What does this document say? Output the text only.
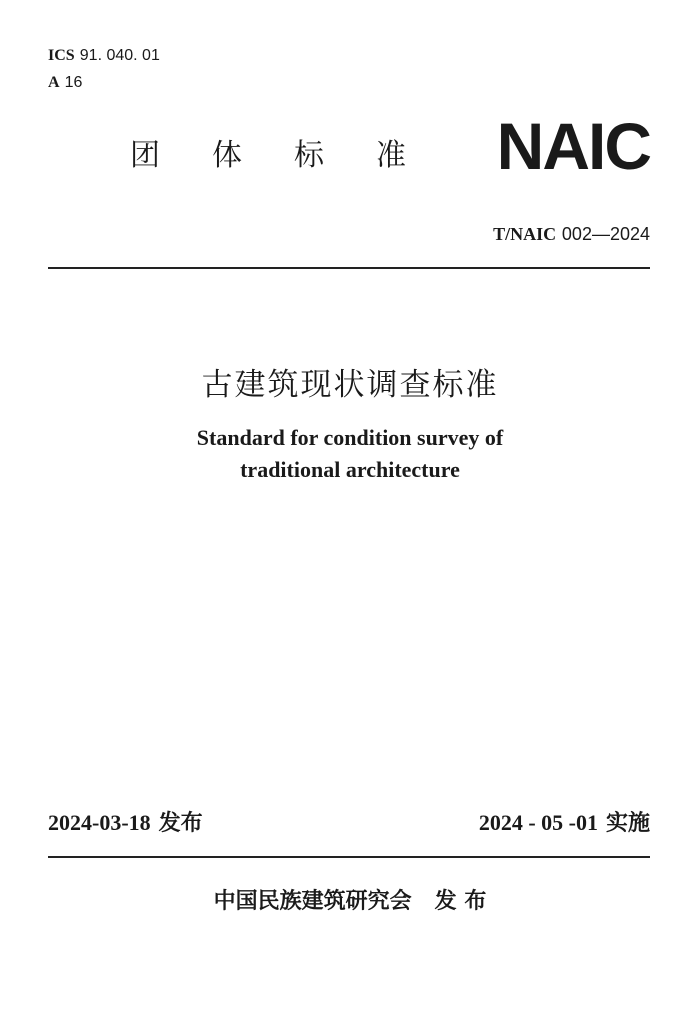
ICS 91. 040. 01
A 16
团体标准 NAIC
T/NAIC 002—2024
古建筑现状调查标准
Standard for condition survey of
traditional architecture
2024-03-18 发布	2024 - 05 -01 实施
中国民族建筑研究会 发 布
